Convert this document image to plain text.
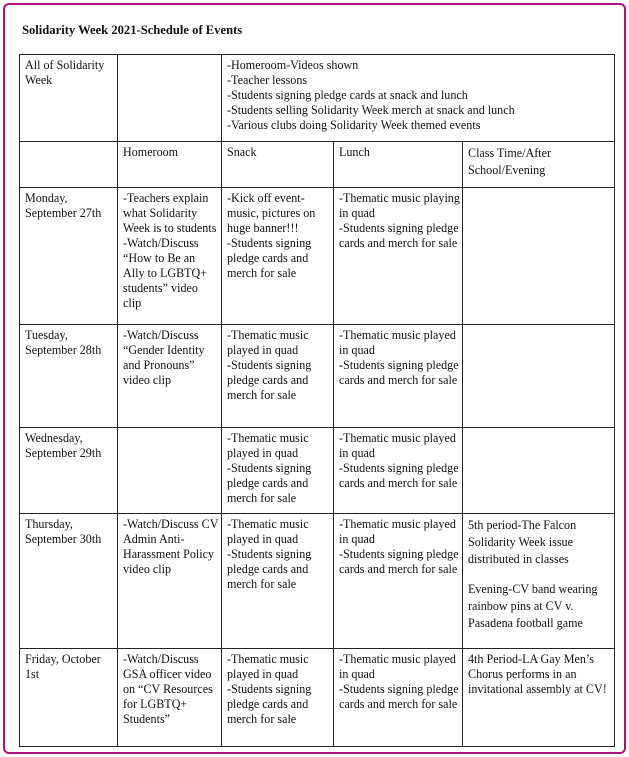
Solidarity Week 2021-Schedule of Events
All of Solidarity Week		-Homeroom-Videos shown
-Teacher lessons
-Students signing pledge cards at snack and lunch
-Students selling Solidarity Week merch at snack and lunch
-Various clubs doing Solidarity Week themed events		

	Homeroom	Snack	Lunch	Class Time/After School/Evening

Monday, September 27th	-Teachers explain what Solidarity Week is to students
-Watch/Discuss “How to Be an Ally to LGBTQ+ students” video clip	-Kick off event- music, pictures on huge banner!!!
-Students signing pledge cards and merch for sale	-Thematic music playing in quad
-Students signing pledge cards and merch for sale	

Tuesday, September 28th	-Watch/Discuss “Gender Identity and Pronouns” video clip	-Thematic music played in quad
-Students signing pledge cards and merch for sale	-Thematic music played in quad
-Students signing pledge cards and merch for sale	

Wednesday, September 29th		-Thematic music played in quad
-Students signing pledge cards and merch for sale	-Thematic music played in quad
-Students signing pledge cards and merch for sale	

Thursday, September 30th	-Watch/Discuss CV Admin Anti-Harassment Policy video clip	-Thematic music played in quad
-Students signing pledge cards and merch for sale	-Thematic music played in quad
-Students signing pledge cards and merch for sale	5th period-The Falcon Solidarity Week issue distributed in classes
Evening-CV band wearing rainbow pins at CV v. Pasadena football game

Friday, October 1st	-Watch/Discuss GSA officer video on “CV Resources for LGBTQ+ Students”	-Thematic music played in quad
-Students signing pledge cards and merch for sale	-Thematic music played in quad
-Students signing pledge cards and merch for sale	4th Period-LA Gay Men’s Chorus performs in an invitational assembly at CV!
